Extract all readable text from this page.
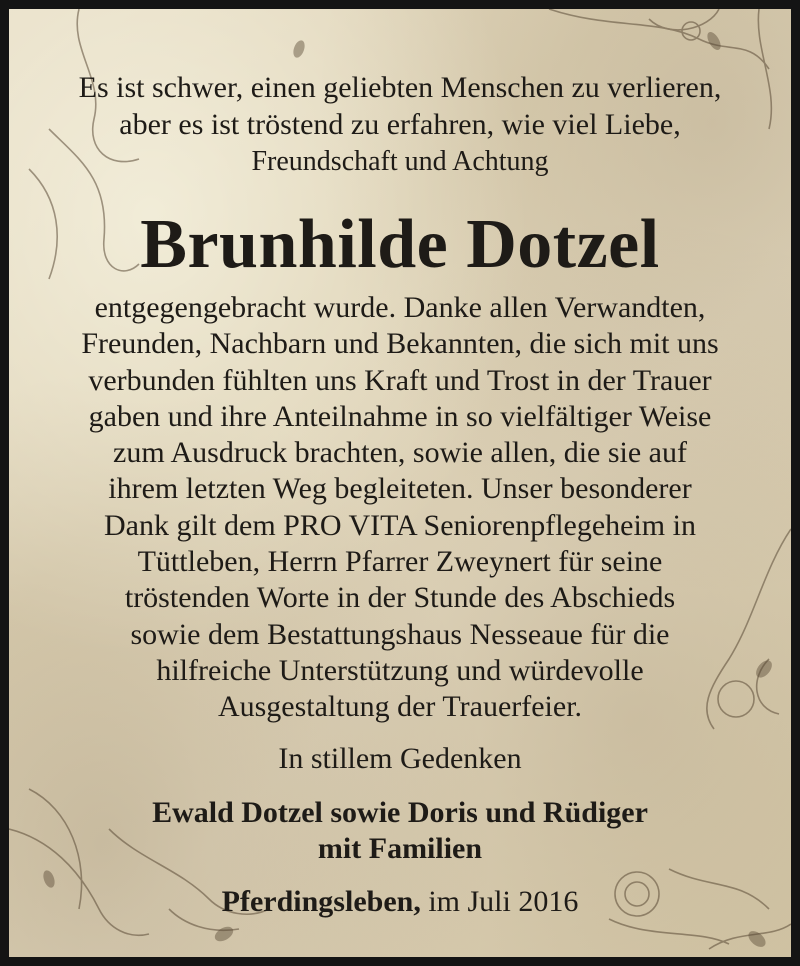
Es ist schwer, einen geliebten Menschen zu verlieren,
aber es ist tröstend zu erfahren, wie viel Liebe,
Freundschaft und Achtung
Brunhilde Dotzel
entgegengebracht wurde. Danke allen Verwandten,
Freunden, Nachbarn und Bekannten, die sich mit uns
verbunden fühlten uns Kraft und Trost in der Trauer
gaben und ihre Anteilnahme in so vielfältiger Weise
zum Ausdruck brachten, sowie allen, die sie auf
ihrem letzten Weg begleiteten. Unser besonderer
Dank gilt dem PRO VITA Seniorenpflegeheim in
Tüttleben, Herrn Pfarrer Zweynert für seine
tröstenden Worte in der Stunde des Abschieds
sowie dem Bestattungshaus Nesseaue für die
hilfreiche Unterstützung und würdevolle
Ausgestaltung der Trauerfeier.
In stillem Gedenken
Ewald Dotzel sowie Doris und Rüdiger
mit Familien
Pferdingsleben, im Juli 2016
